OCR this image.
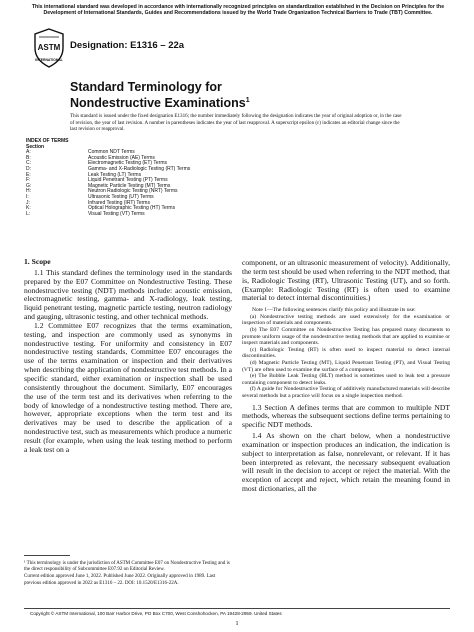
This international standard was developed in accordance with internationally recognized principles on standardization established in the Decision on Principles for the Development of International Standards, Guides and Recommendations issued by the World Trade Organization Technical Barriers to Trade (TBT) Committee.
ASTM
INTERNATIONAL
Designation: E1316 – 22a
Standard Terminology for
Nondestructive Examinations$^1$
This standard is issued under the fixed designation E1316; the number immediately following the designation indicates the year of original adoption or, in the case of revision, the year of last revision. A number in parentheses indicates the year of last reapproval. A superscript epsilon (ε) indicates an editorial change since the last revision or reapproval.
INDEX OF TERMS
Section
A:	Common NDT Terms
B:	Acoustic Emission (AE) Terms
C:	Electromagnetic Testing (ET) Terms
D:	Gamma- and X-Radiologic Testing (RT) Terms
E:	Leak Testing (LT) Terms
F:	Liquid Penetrant Testing (PT) Terms
G:	Magnetic Particle Testing (MT) Terms
H:	Neutron Radiologic Testing (NRT) Terms
I:	Ultrasonic Testing (UT) Terms
J:	Infrared Testing (IRT) Terms
K:	Optical Holographic Testing (HT) Terms
L:	Visual Testing (VT) Terms

1. Scope

1.1 This standard defines the terminology used in the standards prepared by the E07 Committee on Nondestructive Testing. These nondestructive testing (NDT) methods include: acoustic emission, electromagnetic testing, gamma- and X-radiology, leak testing, liquid penetrant testing, magnetic particle testing, neutron radiology and gauging, ultrasonic testing, and other technical methods.

1.2 Committee E07 recognizes that the terms examination, testing, and inspection are commonly used as synonyms in nondestructive testing. For uniformity and consistency in E07 nondestructive testing standards, Committee E07 encourages the use of the terms examination or inspection and their derivatives when describing the application of nondestructive test methods. In a specific standard, either examination or inspection shall be used consistently throughout the document. Similarly, E07 encourages the use of the term test and its derivatives when referring to the body of knowledge of a nondestructive testing method. There are, however, appropriate exceptions when the term test and its derivatives may be used to describe the application of a nondestructive test, such as measurements which produce a numeric result (for example, when using the leak testing method to perform a leak test on a

component, or an ultrasonic measurement of velocity). Additionally, the term test should be used when referring to the NDT method, that is, Radiologic Testing (RT), Ultrasonic Testing (UT), and so forth. (Example: Radiologic Testing (RT) is often used to examine material to detect internal discontinuities.)

Note 1—The following sentences clarify this policy and illustrate its use:

(a) Nondestructive testing methods are used extensively for the examination or inspection of materials and components.

(b) The E07 Committee on Nondestructive Testing has prepared many documents to promote uniform usage of the nondestructive testing methods that are applied to examine or inspect materials and components.

(c) Radiologic Testing (RT) is often used to inspect material to detect internal discontinuities.

(d) Magnetic Particle Testing (MT), Liquid Penetrant Testing (PT), and Visual Testing (VT) are often used to examine the surface of a component.

(e) The Bubble Leak Testing (BLT) method is sometimes used to leak test a pressure containing component to detect leaks.

(f) A guide for Nondestructive Testing of additively manufactured materials will describe several methods but a practice will focus on a single inspection method.

1.3 Section A defines terms that are common to multiple NDT methods, whereas the subsequent sections define terms pertaining to specific NDT methods.

1.4 As shown on the chart below, when a nondestructive examination or inspection produces an indication, the indication is subject to interpretation as false, nonrelevant, or relevant. If it has been interpreted as relevant, the necessary subsequent evaluation will result in the decision to accept or reject the material. With the exception of accept and reject, which retain the meaning found in most dictionaries, all the

¹ This terminology is under the jurisdiction of ASTM Committee E07 on Nondestructive Testing and is the direct responsibility of Subcommittee E07.92 on Editorial Review.

Current edition approved June 1, 2022. Published June 2022. Originally approved in 1989. Last previous edition approved in 2022 as E1316 – 22. DOI: 10.1520/E1316-22A.

Copyright © ASTM International, 100 Barr Harbor Drive, PO Box C700, West Conshohocken, PA 19428-2959. United States
1
